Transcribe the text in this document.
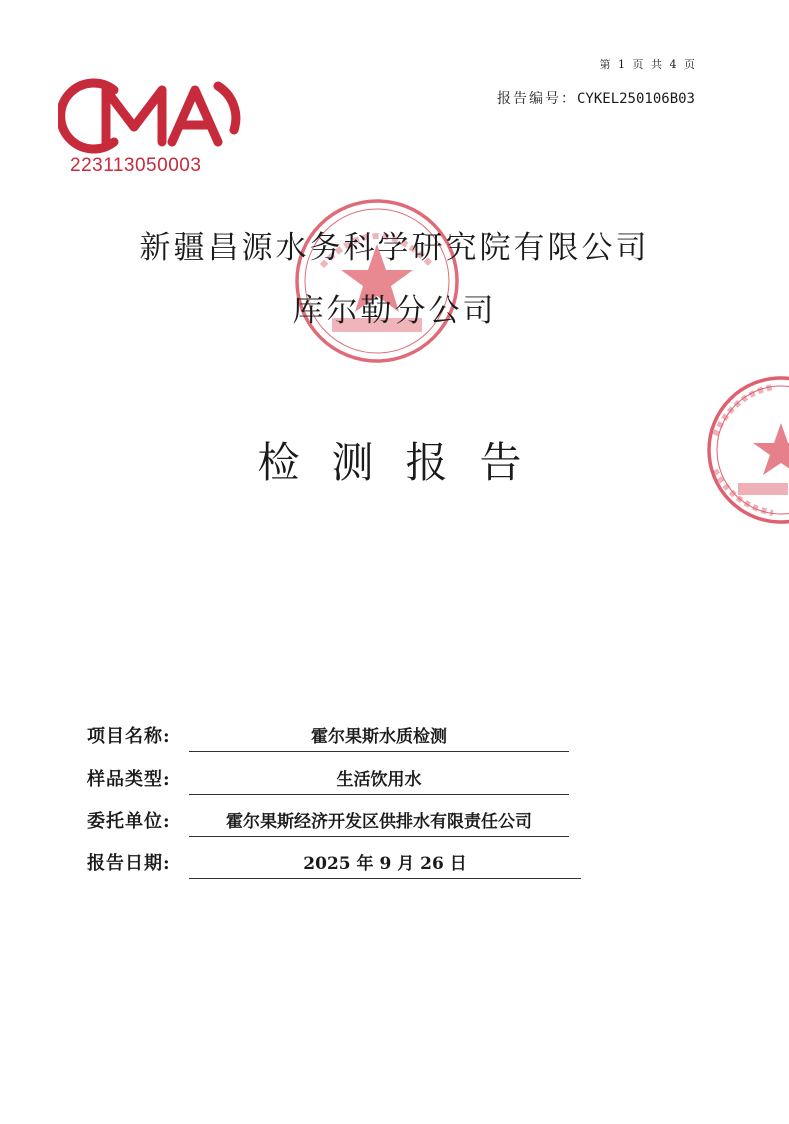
第 1 页 共 4 页
报告编号：CYKEL250106B03
223113050003
新疆昌源水务科学研究院有限公司
库尔勒分公司
检测报告
项目名称:	霍尔果斯水质检测
样品类型:	生活饮用水
委托单位:	霍尔果斯经济开发区供排水有限责任公司
报告日期:	2025 年 9 月 26 日
